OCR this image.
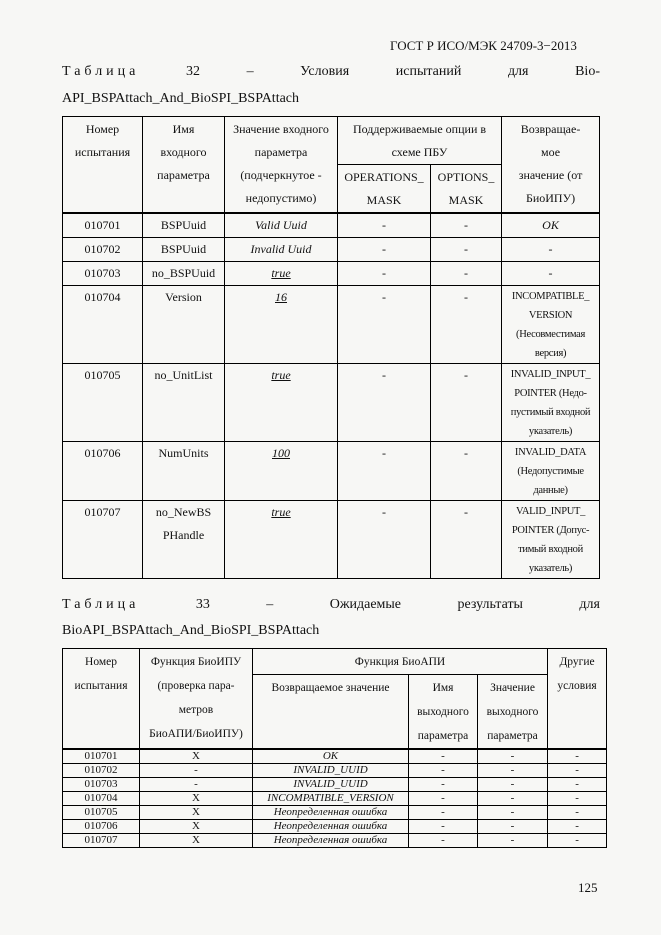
ГОСТ Р ИСО/МЭК 24709-3−2013
Таблица	32	–	Условия	испытаний	для	Bio-
API_BSPAttach_And_BioSPI_BSPAttach
Номер
испытания	Имя
входного
параметра	Значение входного
параметра
(подчеркнутое -
недопустимо)	Поддерживаемые опции в
схеме ПБУ		Возвращае-
мое
значение (от
БиоИПУ)
			OPERATIONS_
MASK	OPTIONS_
MASK	
010701	BSPUuid	Valid Uuid	-	-	OK
010702	BSPUuid	Invalid Uuid	-	-	-
010703	no_BSPUuid	true	-	-	-
010704	Version	16	-	-	INCOMPATIBLE_
VERSION
(Несовместимая
версия)
010705	no_UnitList	true	-	-	INVALID_INPUT_
POINTER (Недо-
пустимый входной
указатель)
010706	NumUnits	100	-	-	INVALID_DATA
(Недопустимые
данные)
010707	no_NewBS
PHandle	true	-	-	VALID_INPUT_
POINTER (Допус-
тимый входной
указатель)
Таблица	33	–	Ожидаемые	результаты	для
BioAPI_BSPAttach_And_BioSPI_BSPAttach
Номер
испытания	Функция БиоИПУ
(проверка пара-
метров
БиоАПИ/БиоИПУ)	Функция БиоАПИ			Другие
условия
		Возвращаемое значение	Имя
выходного
параметра	Значение
выходного
параметра	
010701	X	OK	-	-	-
010702	-	INVALID_UUID	-	-	-
010703	-	INVALID_UUID	-	-	-
010704	X	INCOMPATIBLE_VERSION	-	-	-
010705	X	Неопределенная ошибка	-	-	-
010706	X	Неопределенная ошибка	-	-	-
010707	X	Неопределенная ошибка	-	-	-
125
